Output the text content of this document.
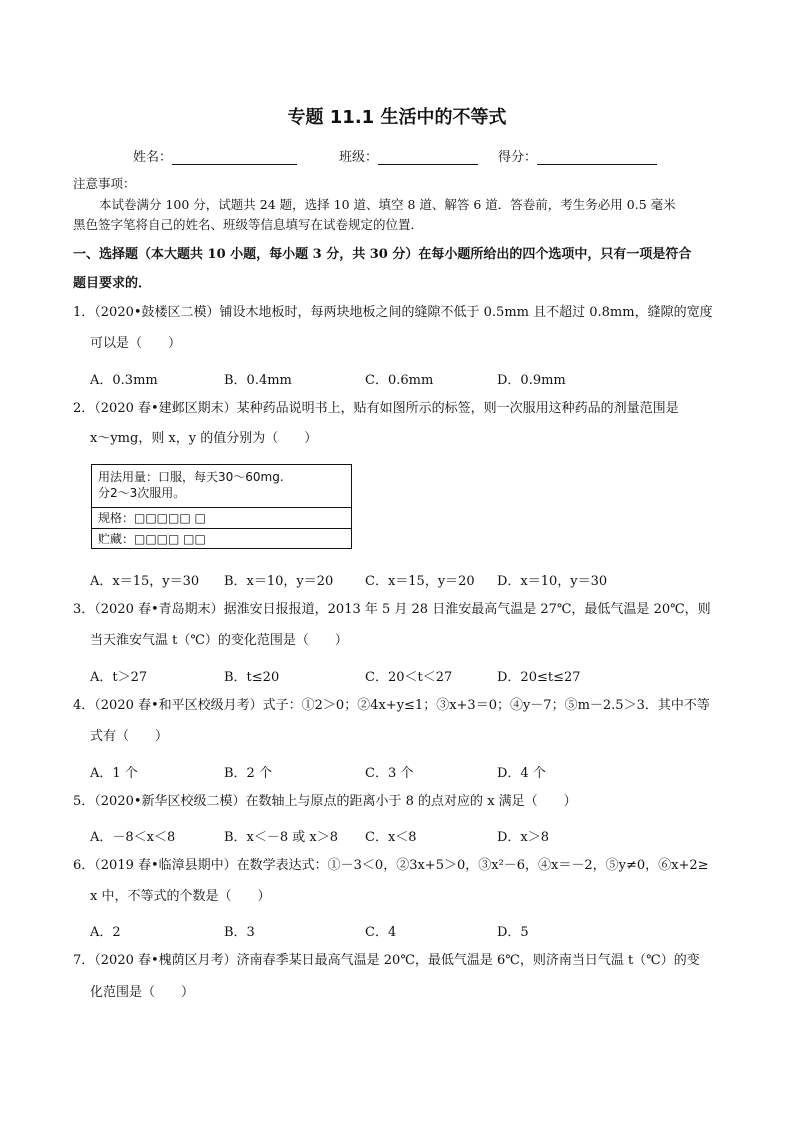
专题 11.1 生活中的不等式
姓名：	班级：	得分：
注意事项：
本试卷满分 100 分，试题共 24 题，选择 10 道、填空 8 道、解答 6 道．答卷前，考生务必用 0.5 毫米
黑色签字笔将自己的姓名、班级等信息填写在试卷规定的位置．
一、选择题（本大题共 10 小题，每小题 3 分，共 30 分）在每小题所给出的四个选项中，只有一项是符合
题目要求的．
1．（2020•鼓楼区二模）铺设木地板时，每两块地板之间的缝隙不低于 0.5mm 且不超过 0.8mm，缝隙的宽度
可以是（　　）
A．0.3mm	B．0.4mm	C．0.6mm	D．0.9mm
2．（2020 春•建邺区期末）某种药品说明书上，贴有如图所示的标签，则一次服用这种药品的剂量范围是
x～ymg，则 x，y 的值分别为（　　）
用法用量：口服，每天30～60mg.
分2～3次服用。
规格：□□□□□ □
贮藏：□□□□ □□
A．x＝15，y＝30 B．x＝10，y＝20 C．x＝15，y＝20 D．x＝10，y＝30
3．（2020 春•青岛期末）据淮安日报报道，2013 年 5 月 28 日淮安最高气温是 27℃，最低气温是 20℃，则
当天淮安气温 t（℃）的变化范围是（　　）
A．t＞27	B．t≤20	C．20＜t＜27	D．20≤t≤27
4．（2020 春•和平区校级月考）式子：①2＞0；②4x+y≤1；③x+3＝0；④y－7；⑤m－2.5＞3．其中不等
式有（　　）
A．1 个	B．2 个	C．3 个	D．4 个
5．（2020•新华区校级二模）在数轴上与原点的距离小于 8 的点对应的 x 满足（　　）
A．－8＜x＜8	B．x＜－8 或 x＞8 C．x＜8	D．x＞8
6．（2019 春•临漳县期中）在数学表达式：①－3＜0，②3x+5＞0，③x²－6，④x＝－2，⑤y≠0，⑥x+2≥
x 中，不等式的个数是（　　）
A．2	B．3	C．4	D．5
7．（2020 春•槐荫区月考）济南春季某日最高气温是 20℃，最低气温是 6℃，则济南当日气温 t（℃）的变
化范围是（　　）
